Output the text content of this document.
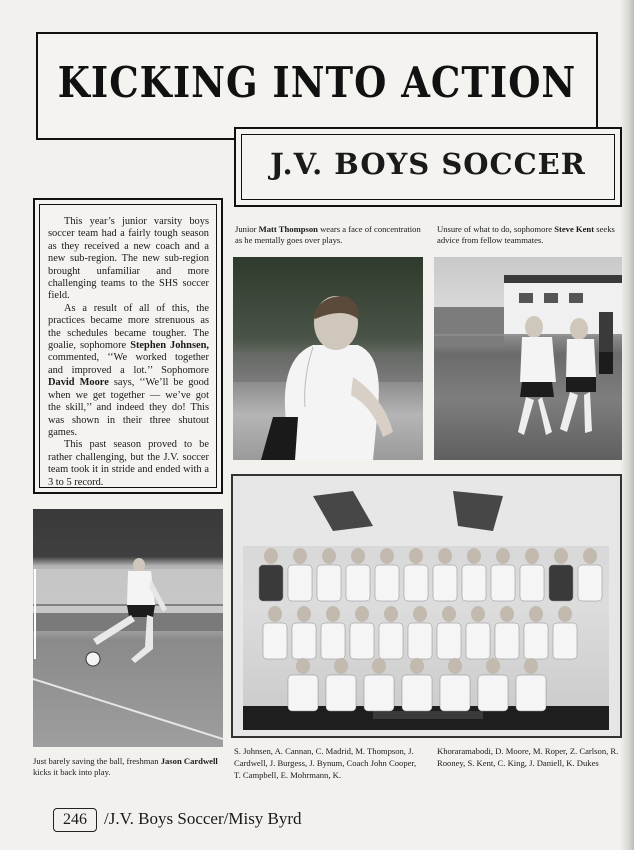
KICKING INTO ACTION
J.V. BOYS SOCCER

This year’s junior varsity boys soccer team had a fairly tough season as they received a new coach and a new sub-region. The new sub-region brought unfamiliar and more challenging teams to the SHS soccer field.

As a result of all of this, the practices became more strenuous as the schedules became tougher. The goalie, sophomore Stephen Johnsen, commented, ‘‘We worked together and improved a lot.’’ Sophomore David Moore says, ‘‘We’ll be good when we get together — we’ve got the skill,’’ and indeed they do! This was shown in their three shutout games.

This past season proved to be rather challenging, but the J.V. soccer team took it in stride and ended with a 3 to 5 record.

Junior Matt Thompson wears a face of concentration as he mentally goes over plays.
Unsure of what to do, sophomore Steve Kent seeks advice from fellow teammates.
Just barely saving the ball, freshman Jason Cardwell kicks it back into play.
S. Johnsen, A. Cannan, C. Madrid, M. Thompson, J. Cardwell, J. Burgess, J. Bynum, Coach John Cooper, T. Campbell, E. Mohrmann, K.
Khoraramabodi, D. Moore, M. Roper, Z. Carlson, R. Rooney, S. Kent, C. King, J. Daniell, K. Dukes
246	/J.V. Boys Soccer/Misy Byrd
